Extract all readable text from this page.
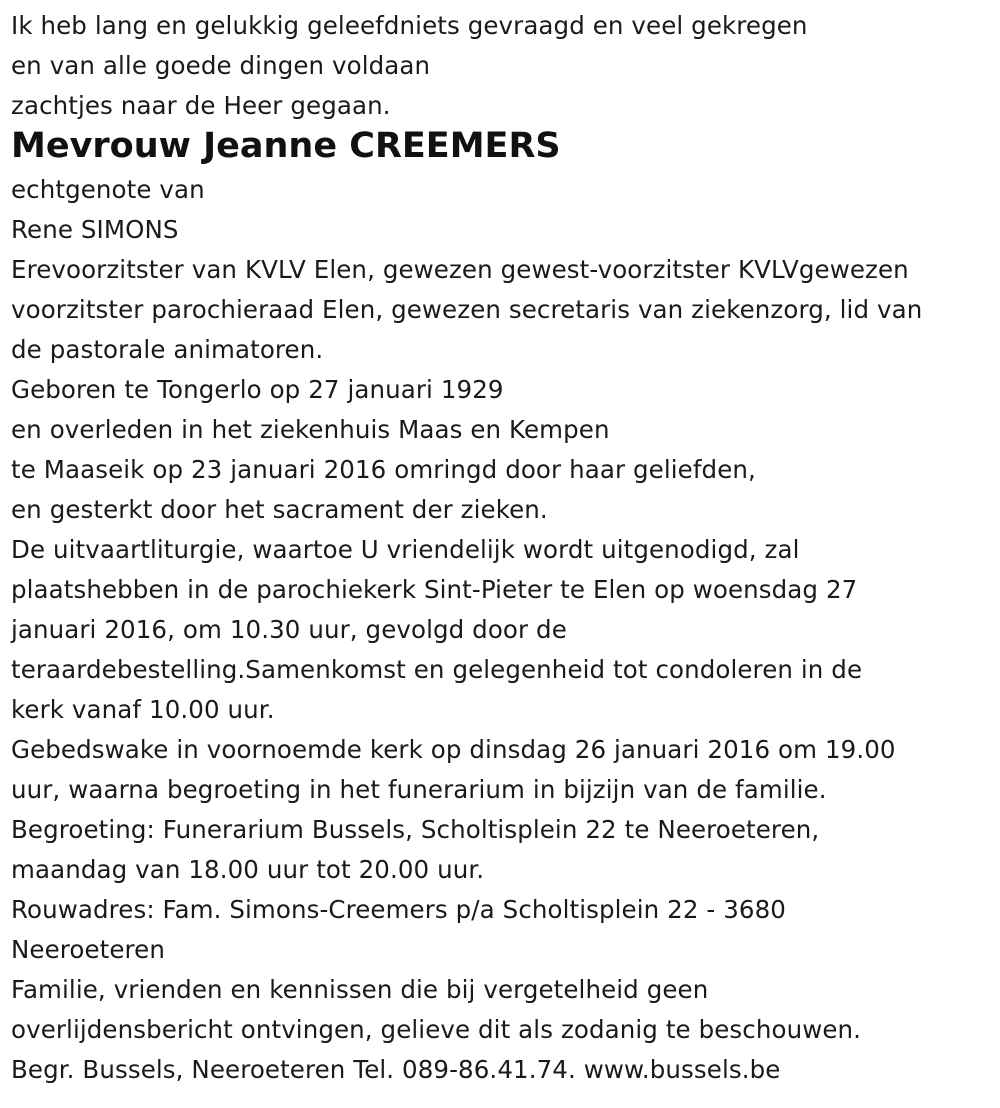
Ik heb lang en gelukkig geleefdniets gevraagd en veel gekregen
en van alle goede dingen voldaan
zachtjes naar de Heer gegaan.
Mevrouw Jeanne CREEMERS
echtgenote van
Rene SIMONS
Erevoorzitster van KVLV Elen, gewezen gewest-voorzitster KVLVgewezen
voorzitster parochieraad Elen, gewezen secretaris van ziekenzorg, lid van
de pastorale animatoren.
Geboren te Tongerlo op 27 januari 1929
en overleden in het ziekenhuis Maas en Kempen
te Maaseik op 23 januari 2016 omringd door haar geliefden,
en gesterkt door het sacrament der zieken.
De uitvaartliturgie, waartoe U vriendelijk wordt uitgenodigd, zal
plaatshebben in de parochiekerk Sint-Pieter te Elen op woensdag 27
januari 2016, om 10.30 uur, gevolgd door de
teraardebestelling.Samenkomst en gelegenheid tot condoleren in de
kerk vanaf 10.00 uur.
Gebedswake in voornoemde kerk op dinsdag 26 januari 2016 om 19.00
uur, waarna begroeting in het funerarium in bijzijn van de familie.
Begroeting: Funerarium Bussels, Scholtisplein 22 te Neeroeteren,
maandag van 18.00 uur tot 20.00 uur.
Rouwadres: Fam. Simons-Creemers p/a Scholtisplein 22 - 3680
Neeroeteren
Familie, vrienden en kennissen die bij vergetelheid geen
overlijdensbericht ontvingen, gelieve dit als zodanig te beschouwen.
Begr. Bussels, Neeroeteren Tel. 089-86.41.74. www.bussels.be
